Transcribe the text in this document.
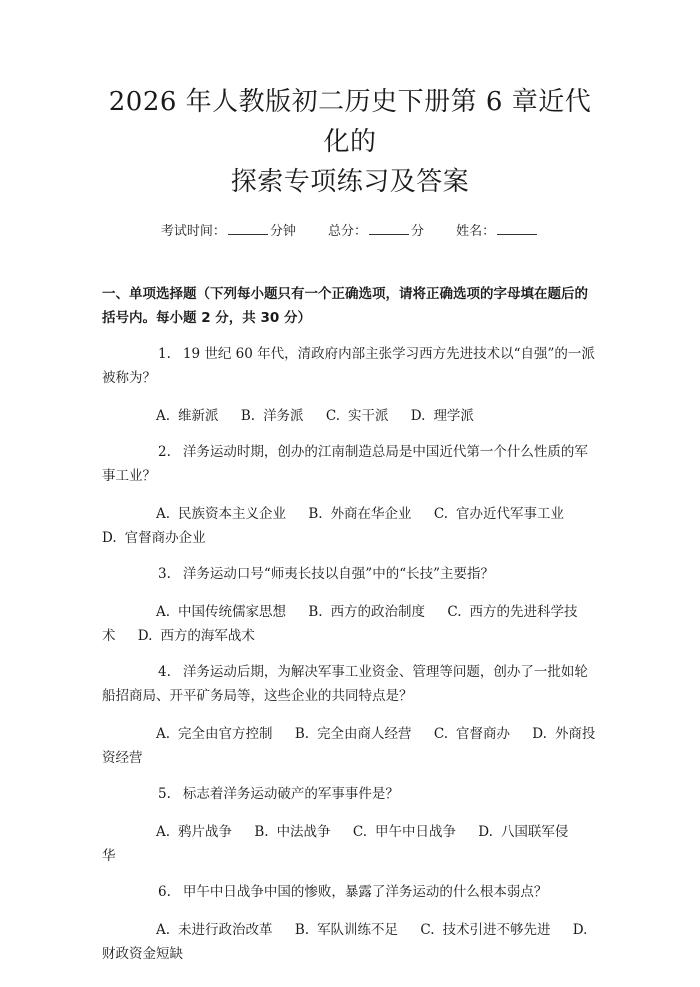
2026 年人教版初二历史下册第 6 章近代化的
探索专项练习及答案
考试时间：	分钟 总分：	分 姓名：
一、单项选择题（下列每小题只有一个正确选项，请将正确选项的字母填在题后的括号内。每小题 2 分，共 30 分）
1. 19 世纪 60 年代，清政府内部主张学习西方先进技术以“自强”的一派被称为？
A. 维新派 B. 洋务派 C. 实干派 D. 理学派
2. 洋务运动时期，创办的江南制造总局是中国近代第一个什么性质的军事工业？
A. 民族资本主义企业 B. 外商在华企业 C. 官办近代军事工业 D. 官督商办企业
3. 洋务运动口号“师夷长技以自强”中的“长技”主要指？
A. 中国传统儒家思想 B. 西方的政治制度 C. 西方的先进科学技术 D. 西方的海军战术
4. 洋务运动后期，为解决军事工业资金、管理等问题，创办了一批如轮船招商局、开平矿务局等，这些企业的共同特点是？
A. 完全由官方控制 B. 完全由商人经营 C. 官督商办 D. 外商投资经营
5. 标志着洋务运动破产的军事事件是？
A. 鸦片战争 B. 中法战争 C. 甲午中日战争 D. 八国联军侵华
6. 甲午中日战争中国的惨败，暴露了洋务运动的什么根本弱点？
A. 未进行政治改革 B. 军队训练不足 C. 技术引进不够先进 D.财政资金短缺
